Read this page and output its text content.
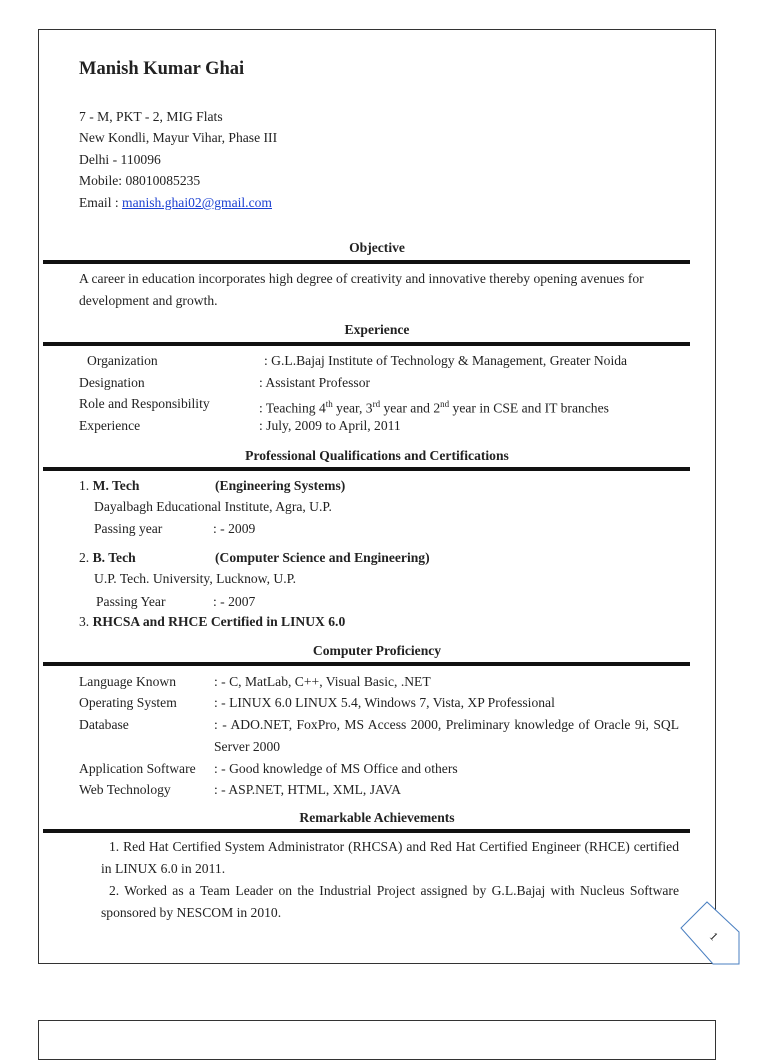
Manish Kumar Ghai
7 - M, PKT - 2, MIG Flats
New Kondli, Mayur Vihar, Phase III
Delhi - 110096
Mobile: 08010085235
Email : manish.ghai02@gmail.com
Objective
A career in education incorporates high degree of creativity and innovative thereby opening avenues for development and growth.
Experience
Organization	: G.L.Bajaj Institute of Technology & Management, Greater Noida
Designation	: Assistant Professor
Role and Responsibility	: Teaching 4th year, 3rd year and 2nd year in CSE and IT branches
Experience	: July, 2009 to April, 2011
Professional Qualifications and Certifications
1. M. Tech	(Engineering Systems)
Dayalbagh Educational Institute, Agra, U.P.
Passing year	: - 2009
2. B. Tech	(Computer Science and Engineering)
U.P. Tech. University, Lucknow, U.P.
Passing Year	: - 2007
3. RHCSA and RHCE Certified in LINUX 6.0
Computer Proficiency
Language Known	: - C, MatLab, C++, Visual Basic, .NET
Operating System	: - LINUX 6.0 LINUX 5.4, Windows 7, Vista, XP Professional
Database	: - ADO.NET, FoxPro, MS Access 2000, Preliminary knowledge of Oracle 9i, SQL Server 2000
Application Software : - Good knowledge of MS Office and others
Web Technology	: - ASP.NET, HTML, XML, JAVA
Remarkable Achievements
1. Red Hat Certified System Administrator (RHCSA) and Red Hat Certified Engineer (RHCE) certified in LINUX 6.0 in 2011.
2. Worked as a Team Leader on the Industrial Project assigned by G.L.Bajaj with Nucleus Software sponsored by NESCOM in 2010.
1
